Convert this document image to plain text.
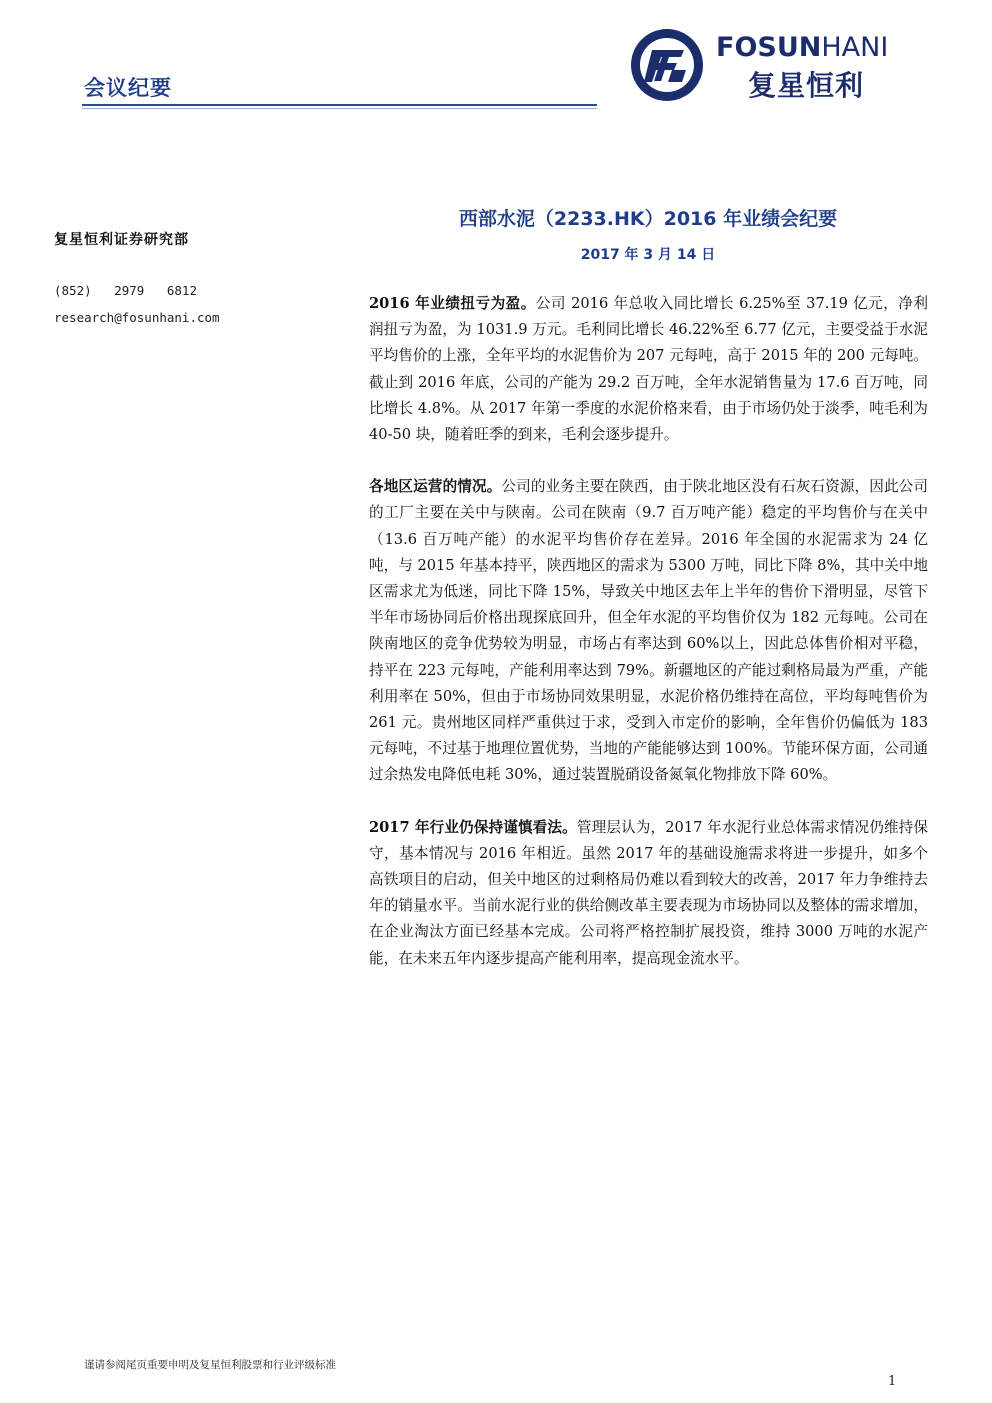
会议纪要
FOSUNHANI
复星恒利
复星恒利证券研究部
(852)   2979   6812
research@fosunhani.com
西部水泥（2233.HK）2016 年业绩会纪要
2017 年 3 月 14 日

2016 年业绩扭亏为盈。公司 2016 年总收入同比增长 6.25%至 37.19 亿元，净利润扭亏为盈，为 1031.9 万元。毛利同比增长 46.22%至 6.77 亿元，主要受益于水泥平均售价的上涨，全年平均的水泥售价为 207 元每吨，高于 2015 年的 200 元每吨。截止到 2016 年底，公司的产能为 29.2 百万吨，全年水泥销售量为 17.6 百万吨，同比增长 4.8%。从 2017 年第一季度的水泥价格来看，由于市场仍处于淡季，吨毛利为 40-50 块，随着旺季的到来，毛利会逐步提升。

各地区运营的情况。公司的业务主要在陕西，由于陕北地区没有石灰石资源，因此公司的工厂主要在关中与陕南。公司在陕南（9.7 百万吨产能）稳定的平均售价与在关中（13.6 百万吨产能）的水泥平均售价存在差异。2016 年全国的水泥需求为 24 亿吨，与 2015 年基本持平，陕西地区的需求为 5300 万吨，同比下降 8%，其中关中地区需求尤为低迷，同比下降 15%，导致关中地区去年上半年的售价下滑明显，尽管下半年市场协同后价格出现探底回升，但全年水泥的平均售价仅为 182 元每吨。公司在陕南地区的竞争优势较为明显，市场占有率达到 60%以上，因此总体售价相对平稳，持平在 223 元每吨，产能利用率达到 79%。新疆地区的产能过剩格局最为严重，产能利用率在 50%，但由于市场协同效果明显，水泥价格仍维持在高位，平均每吨售价为 261 元。贵州地区同样严重供过于求，受到入市定价的影响，全年售价仍偏低为 183 元每吨，不过基于地理位置优势，当地的产能能够达到 100%。节能环保方面，公司通过余热发电降低电耗 30%，通过装置脱硝设备氮氧化物排放下降 60%。

2017 年行业仍保持谨慎看法。管理层认为，2017 年水泥行业总体需求情况仍维持保守，基本情况与 2016 年相近。虽然 2017 年的基础设施需求将进一步提升，如多个高铁项目的启动，但关中地区的过剩格局仍难以看到较大的改善，2017 年力争维持去年的销量水平。当前水泥行业的供给侧改革主要表现为市场协同以及整体的需求增加，在企业淘汰方面已经基本完成。公司将严格控制扩展投资，维持 3000 万吨的水泥产能，在未来五年内逐步提高产能利用率，提高现金流水平。

谨请参阅尾页重要申明及复星恒利股票和行业评级标准
1
